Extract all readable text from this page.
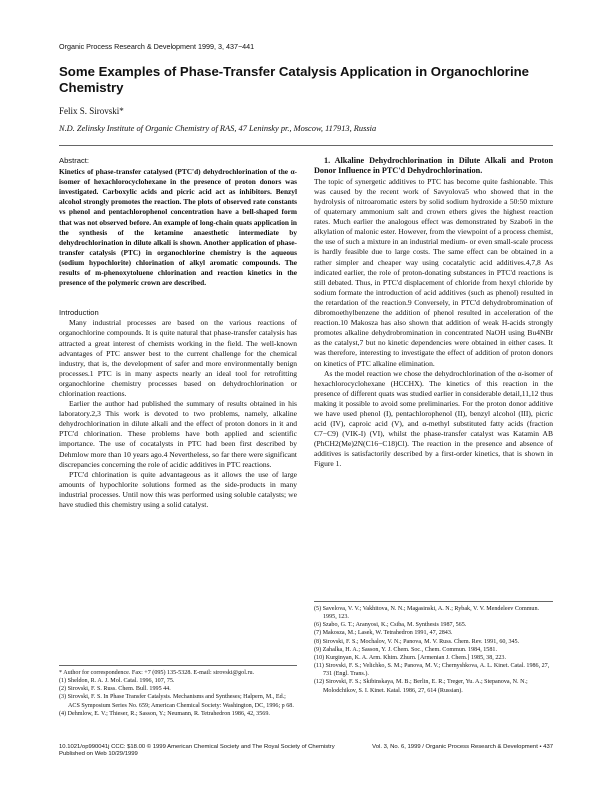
Organic Process Research & Development 1999, 3, 437−441
Some Examples of Phase-Transfer Catalysis Application in Organochlorine Chemistry
Felix S. Sirovski*
N.D. Zelinsky Institute of Organic Chemistry of RAS, 47 Leninsky pr., Moscow, 117913, Russia
Abstract:

Kinetics of phase-transfer catalysed (PTC'd) dehydrochlorination of the α-isomer of hexachlorocyclohexane in the presence of proton donors was investigated. Carboxylic acids and picric acid act as inhibitors. Benzyl alcohol strongly promotes the reaction. The plots of observed rate constants vs phenol and pentachlorophenol concentration have a bell-shaped form that was not observed before. An example of long-chain quats application in the synthesis of the ketamine anaesthetic intermediate by dehydrochlorination in dilute alkali is shown. Another application of phase-transfer catalysis (PTC) in organochlorine chemistry is the aqueous (sodium hypochlorite) chlorination of alkyl aromatic compounds. The results of m-phenoxytoluene chlorination and reaction kinetics in the presence of the polymeric crown are described.

Introduction

Many industrial processes are based on the various reactions of organochlorine compounds. It is quite natural that phase-transfer catalysis has attracted a great interest of chemists working in the field. The well-known advantages of PTC answer best to the current challenge for the chemical industry, that is, the development of safer and more environmentally benign processes.1 PTC is in many aspects nearly an ideal tool for retrofitting organochlorine chemistry processes based on dehydrochlorination or chlorination reactions.

Earlier the author had published the summary of results obtained in his laboratory.2,3 This work is devoted to two problems, namely, alkaline dehydrochlorination in dilute alkali and the effect of proton donors in it and PTC'd chlorination. These problems have both applied and scientific importance. The use of cocatalysts in PTC had been first described by Dehmlow more than 10 years ago.4 Nevertheless, so far there were significant discrepancies concerning the role of acidic additives in PTC reactions.

PTC'd chlorination is quite advantageous as it allows the use of large amounts of hypochlorite solutions formed as the side-products in many industrial processes. Until now this was performed using soluble catalysts; we have studied this chemistry using a solid catalyst.

1. Alkaline Dehydrochlorination in Dilute Alkali and Proton Donor Influence in PTC'd Dehydrochlorination.

The topic of synergetic additives to PTC has become quite fashionable. This was caused by the recent work of Savyolova5 who showed that in the hydrolysis of nitroaromatic esters by solid sodium hydroxide a 50:50 mixture of quaternary ammonium salt and crown ethers gives the highest reaction rates. Much earlier the analogous effect was demonstrated by Szabo6 in the alkylation of malonic ester. However, from the viewpoint of a process chemist, the use of such a mixture in an industrial medium- or even small-scale process is hardly feasible due to large costs. The same effect can be obtained in a rather simpler and cheaper way using cocatalytic acid additives.4,7,8 As indicated earlier, the role of proton-donating substances in PTC'd reactions is still debated. Thus, in PTC'd displacement of chloride from hexyl chloride by sodium formate the introduction of acid additives (such as phenol) resulted in the retardation of the reaction.9 Conversely, in PTC'd dehydrobromination of dibromoethylbenzene the addition of phenol resulted in acceleration of the reaction.10 Makosza has also shown that addition of weak H-acids strongly promotes alkaline dehydrobromination in concentrated NaOH using Bu4NBr as the catalyst,7 but no kinetic dependencies were obtained in either cases. It was therefore, interesting to investigate the effect of addition of proton donors on kinetics of PTC alkaline elimination.

As the model reaction we chose the dehydrochlorination of the α-isomer of hexachlorocyclohexane (HCCHX). The kinetics of this reaction in the presence of different quats was studied earlier in considerable detail,11,12 thus making it possible to avoid some preliminaries. For the proton donor additive we have used phenol (I), pentachlorophenol (II), benzyl alcohol (III), picric acid (IV), caproic acid (V), and α-methyl substituted fatty acids (fraction C7−C9) (VIK-I) (VI), whilst the phase-transfer catalyst was Katamin AB (PhCH2(Me)2N(C16−C18)Cl). The reaction in the presence and absence of additives is satisfactorily described by a first-order kinetics, that is shown in Figure 1.

* Author for correspondence. Fax: +7 (095) 135-5328. E-mail: sirovski@gol.ru.

(1) Sheldon, R. A. J. Mol. Catal. 1996, 107, 75.

(2) Sirovski, F. S. Russ. Chem. Bull. 1995 44.

(3) Sirovski, F. S. In Phase Transfer Catalysis. Mechanisms and Syntheses; Halpern, M., Ed.; ACS Symposium Series No. 659; American Chemical Society: Washington, DC, 1996; p 68.

(4) Dehmlow, E. V.; Thieser, R.; Sasson, Y.; Neumann, R. Tetrahedron 1986, 42, 3569.

(5) Savelova, V. V.; Vakhitova, N. N.; Magasinski, A. N.; Rybak, V. V. Mendeleev Commun. 1995, 123.

(6) Szabo, G. T.; Aranyosi, K.; Csiba, M. Synthesis 1987, 565.

(7) Makosza, M.; Lasek, W. Tetrahedron 1991, 47, 2843.

(8) Sirovski, F. S.; Mochalov, V. N.; Panova, M. V. Russ. Chem. Rev. 1991, 60, 345.

(9) Zahalka, H. A.; Sasson, Y. J. Chem. Soc., Chem. Commun. 1984, 1581.

(10) Kurginyan, K. A. Arm. Khim. Zhurn. [Armenian J. Chem.] 1985, 38, 223.

(11) Sirovski, F. S.; Velichko, S. M.; Panova, M. V.; Chernyshkova, A. L. Kinet. Catal. 1986, 27, 731 (Engl. Trans.).

(12) Sirovski, F. S.; Skibinskaya, M. B.; Berlin, E. R.; Treger, Yu. A.; Stepanova, N. N.; Molodchikov, S. I. Kinet. Katal. 1986, 27, 614 (Russian).

10.1021/op990041j CCC: $18.00 © 1999 American Chemical Society and The Royal Society of Chemistry
Published on Web 10/29/1999
Vol. 3, No. 6, 1999 / Organic Process Research & Development • 437
